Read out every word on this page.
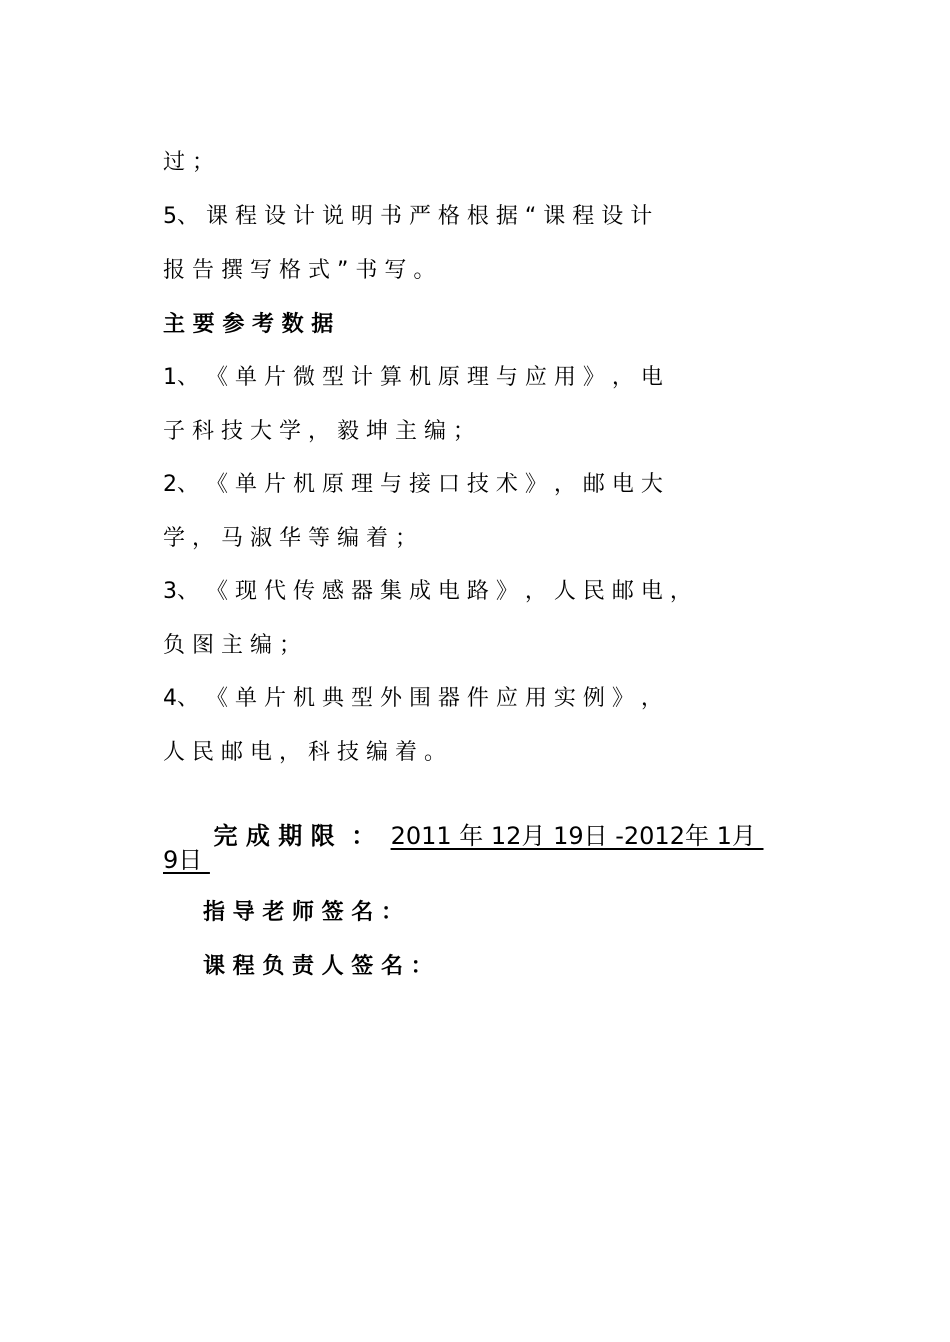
过 ；
5、 课 程 设 计 说 明 书 严 格 根 据 “ 课 程 设 计
报 告 撰 写 格 式 ” 书 写 。
主 要 参 考 数 据
1、 《 单 片 微 型 计 算 机 原 理 与 应 用 》 ， 电
子 科 技 大 学 ， 毅 坤 主 编 ；
2、 《 单 片 机 原 理 与 接 口 技 术 》 ， 邮 电 大
学 ， 马 淑 华 等 编 着 ；
3、 《 现 代 传 感 器 集 成 电 路 》 ， 人 民 邮 电 ，
负 图 主 编 ；
4、 《 单 片 机 典 型 外 围 器 件 应 用 实 例 》 ，
人 民 邮 电 ， 科 技 编 着 。

完 成 期 限  ： 2011 年 12月 19日 -2012年 1月

9日
指 导 老 师 签 名 ：
课 程 负 责 人 签 名 ：
